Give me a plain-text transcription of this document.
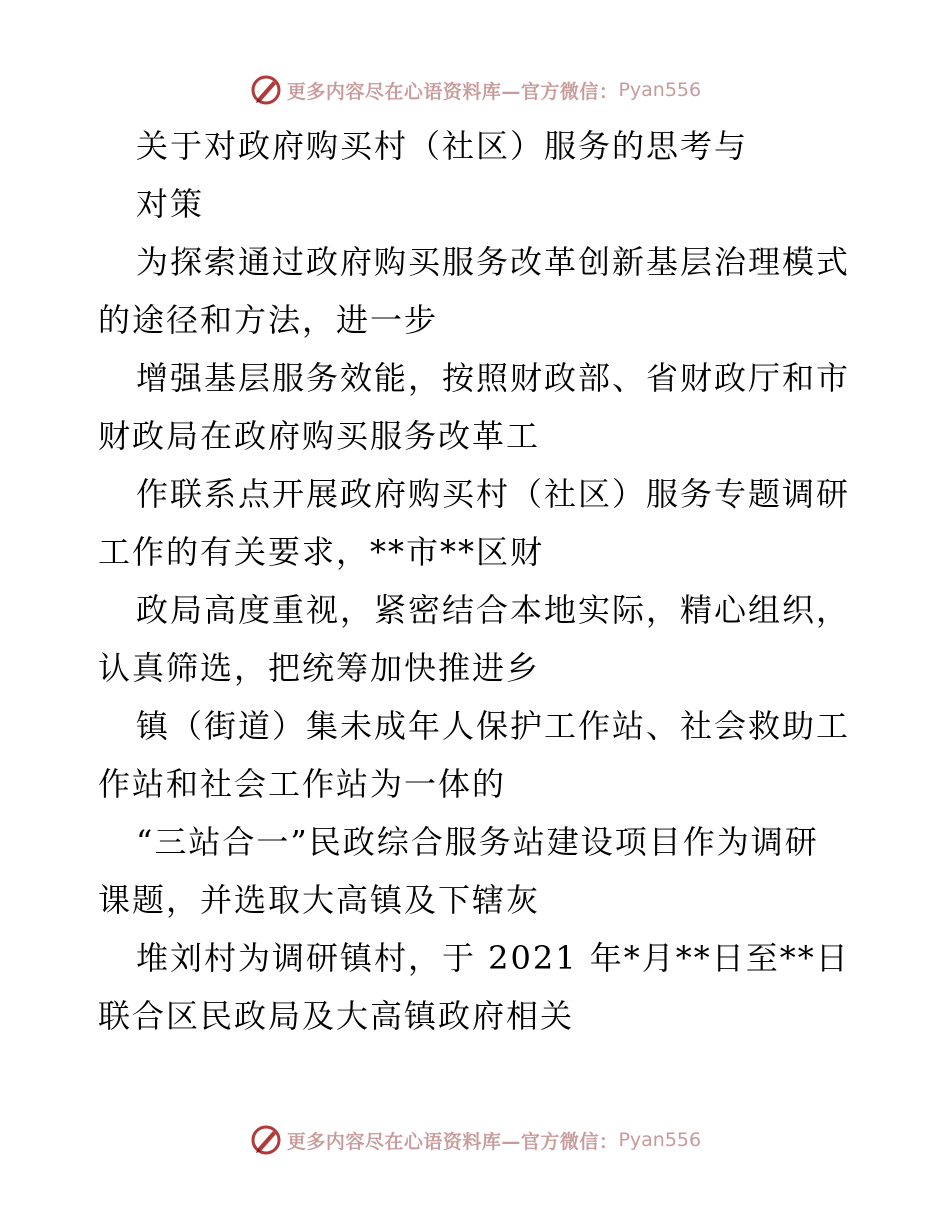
更多内容尽在心语资料库— 官方微信： Pyan556
关于对政府购买村（社区）服务的思考与
对策
为探索通过政府购买服务改革创新基层治理模式
的途径和方法，进一步
增强基层服务效能，按照财政部、省财政厅和市
财政局在政府购买服务改革工
作联系点开展政府购买村（社区）服务专题调研
工作的有关要求，**市**区财
政局高度重视，紧密结合本地实际，精心组织，
认真筛选，把统筹加快推进乡
镇（街道）集未成年人保护工作站、社会救助工
作站和社会工作站为一体的
“三站合一”民政综合服务站建设项目作为调研
课题，并选取大高镇及下辖灰
堆刘村为调研镇村，于 2021 年*月**日至**日
联合区民政局及大高镇政府相关
更多内容尽在心语资料库— 官方微信： Pyan556
